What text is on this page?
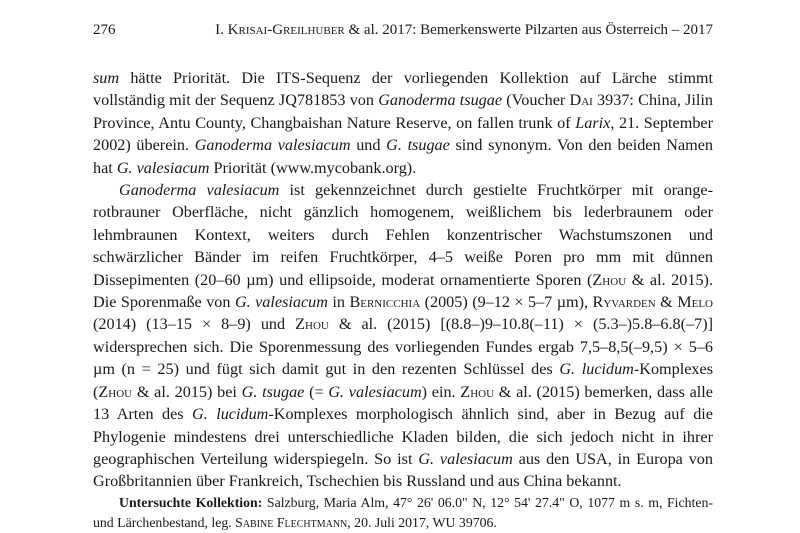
276	I. Krisai-Greilhuber & al. 2017: Bemerkenswerte Pilzarten aus Österreich – 2017

sum hätte Priorität. Die ITS-Sequenz der vorliegenden Kollektion auf Lärche stimmt vollständig mit der Sequenz JQ781853 von Ganoderma tsugae (Voucher Dai 3937: China, Jilin Province, Antu County, Changbaishan Nature Reserve, on fallen trunk of Larix, 21. September 2002) überein. Ganoderma valesiacum und G. tsugae sind synonym. Von den beiden Namen hat G. valesiacum Priorität (www.mycobank.org).

Ganoderma valesiacum ist gekennzeichnet durch gestielte Fruchtkörper mit orange-rotbrauner Oberfläche, nicht gänzlich homogenem, weißlichem bis lederbraunem oder lehmbraunen Kontext, weiters durch Fehlen konzentrischer Wachstumszonen und schwärzlicher Bänder im reifen Fruchtkörper, 4–5 weiße Poren pro mm mit dünnen Dissepimenten (20–60 µm) und ellipsoide, moderat ornamentierte Sporen (Zhou & al. 2015). Die Sporenmaße von G. valesiacum in Bernicchia (2005) (9–12 × 5–7 µm), Ryvarden & Melo (2014) (13–15 × 8–9) und Zhou & al. (2015) [(8.8–)9–10.8(–11) × (5.3–)5.8–6.8(–7)] widersprechen sich. Die Sporenmessung des vorliegenden Fundes ergab 7,5–8,5(–9,5) × 5–6 µm (n = 25) und fügt sich damit gut in den rezenten Schlüssel des G. lucidum-Komplexes (Zhou & al. 2015) bei G. tsugae (= G. valesiacum) ein. Zhou & al. (2015) bemerken, dass alle 13 Arten des G. lucidum-Komplexes morphologisch ähnlich sind, aber in Bezug auf die Phylogenie mindestens drei unterschiedliche Kladen bilden, die sich jedoch nicht in ihrer geographischen Verteilung widerspiegeln. So ist G. valesiacum aus den USA, in Europa von Großbritannien über Frankreich, Tschechien bis Russland und aus China bekannt.

Untersuchte Kollektion: Salzburg, Maria Alm, 47° 26' 06.0" N, 12° 54' 27.4" O, 1077 m s. m, Fichten- und Lärchenbestand, leg. Sabine Flechtmann, 20. Juli 2017, WU 39706.
